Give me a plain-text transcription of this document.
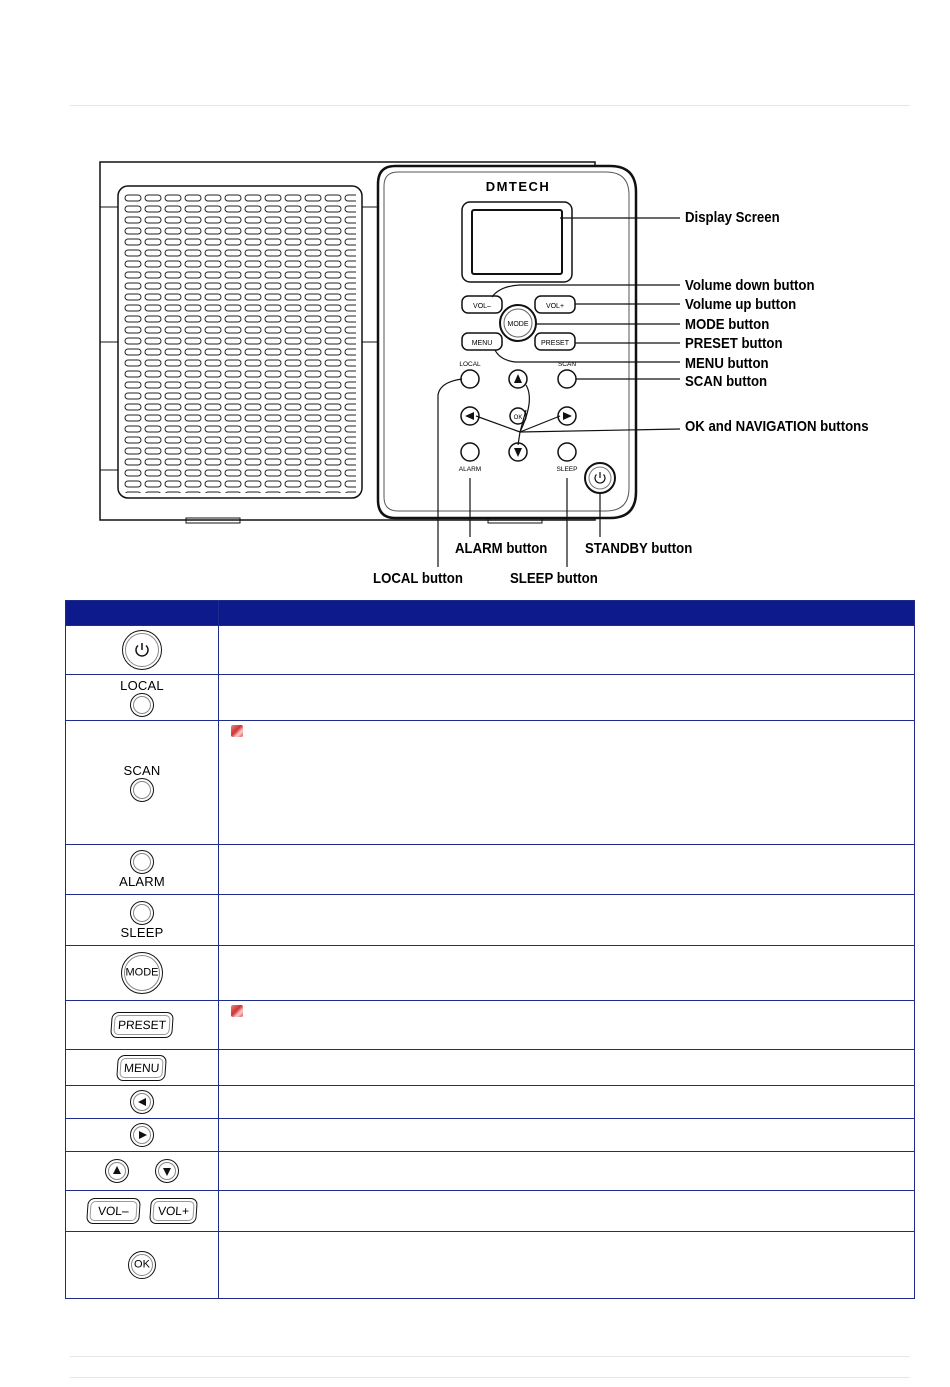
DMTECH
VOL–	VOL+
MENU	PRESET
MODE
LOCAL	SCAN
OK
ALARM	SLEEP
Display Screen
Volume down button
Volume up button
MODE button
PRESET button
MENU button
SCAN button
OK and NAVIGATION buttons
ALARM button	STANDBY button
LOCAL button	SLEEP button

LOCAL	

SCAN	

ALARM	

SLEEP	

MODE	

PRESET	
MENU	

VOL– VOL+	

OK	
